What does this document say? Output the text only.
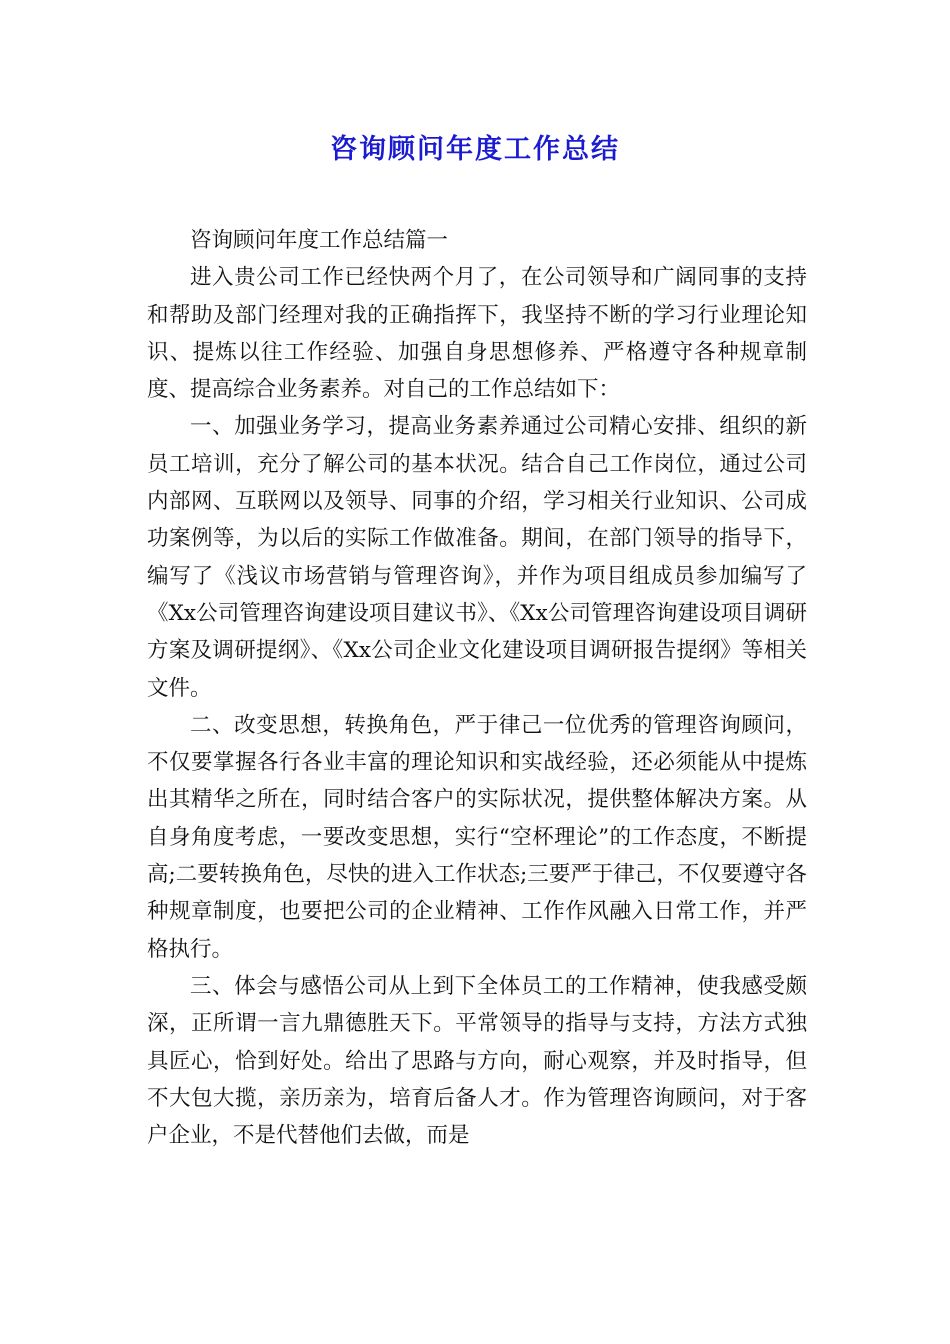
咨询顾问年度工作总结

咨询顾问年度工作总结篇一

进入贵公司工作已经快两个月了，在公司领导和广阔同事的支持和帮助及部门经理对我的正确指挥下，我坚持不断的学习行业理论知识、提炼以往工作经验、加强自身思想修养、严格遵守各种规章制度、提高综合业务素养。对自己的工作总结如下：

一、加强业务学习，提高业务素养通过公司精心安排、组织的新员工培训，充分了解公司的基本状况。结合自己工作岗位，通过公司内部网、互联网以及领导、同事的介绍，学习相关行业知识、公司成功案例等，为以后的实际工作做准备。期间，在部门领导的指导下，编写了《浅议市场营销与管理咨询》，并作为项目组成员参加编写了《Xx公司管理咨询建设项目建议书》、《Xx公司管理咨询建设项目调研方案及调研提纲》、《Xx公司企业文化建设项目调研报告提纲》等相关文件。

二、改变思想，转换角色，严于律己一位优秀的管理咨询顾问，不仅要掌握各行各业丰富的理论知识和实战经验，还必须能从中提炼出其精华之所在，同时结合客户的实际状况，提供整体解决方案。从自身角度考虑，一要改变思想，实行“空杯理论”的工作态度，不断提高;二要转换角色，尽快的进入工作状态;三要严于律己，不仅要遵守各种规章制度，也要把公司的企业精神、工作作风融入日常工作，并严格执行。

三、体会与感悟公司从上到下全体员工的工作精神，使我感受颇深，正所谓一言九鼎德胜天下。平常领导的指导与支持，方法方式独具匠心，恰到好处。给出了思路与方向，耐心观察，并及时指导，但不大包大揽，亲历亲为，培育后备人才。作为管理咨询顾问，对于客户企业，不是代替他们去做，而是
